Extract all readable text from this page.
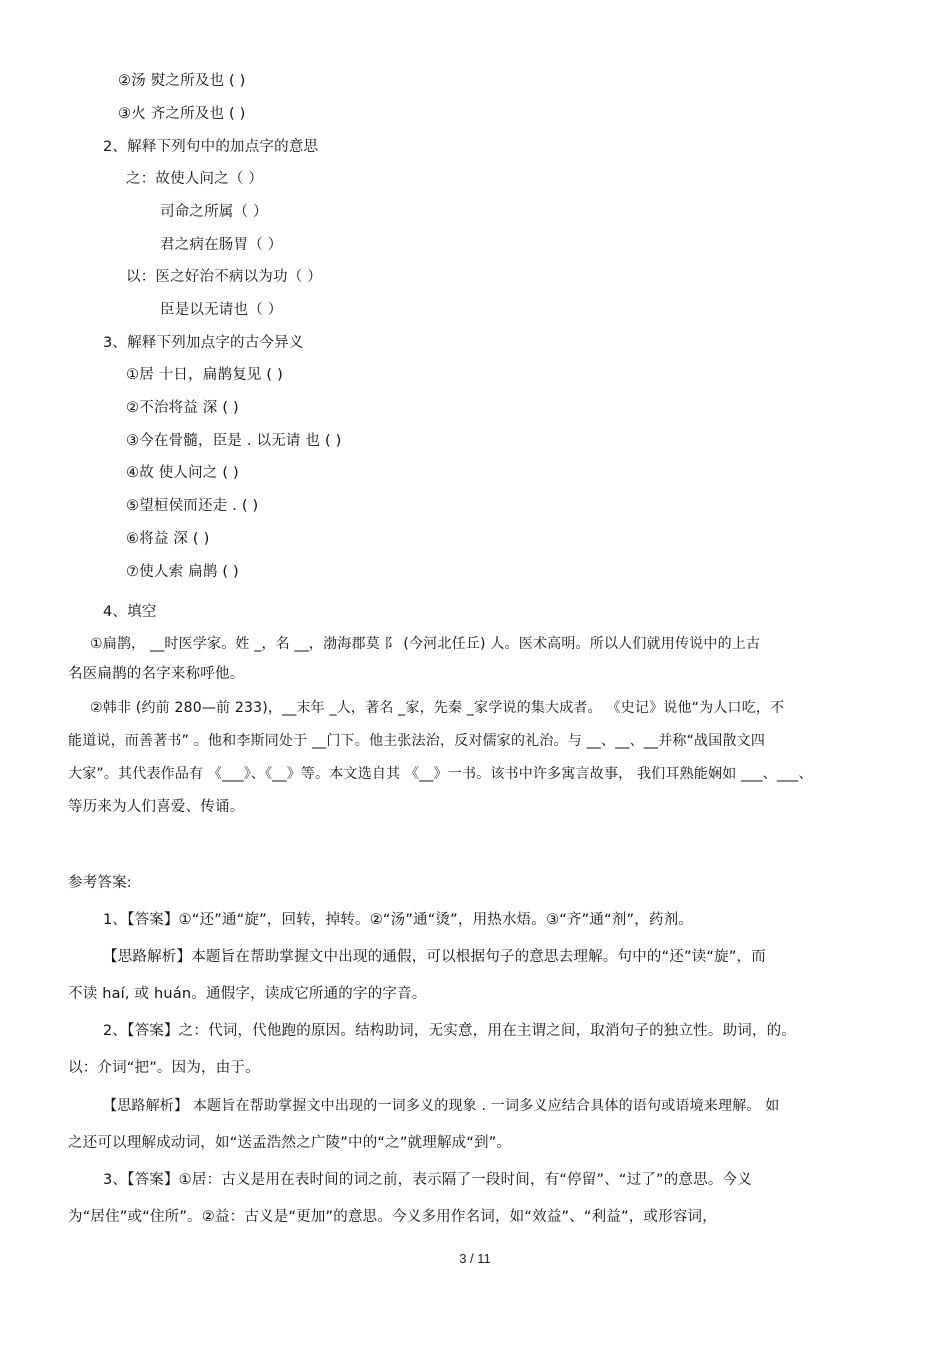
②汤 熨之所及也 ( )
③火 齐之所及也 ( )
2、解释下列句中的加点字的意思
之：故使人问之（ ）
司命之所属（ ）
君之病在肠胃（ ）
以：医之好治不病以为功（ ）
臣是以无请也（ ）
3、解释下列加点字的古今异义
①居 十日，扁鹊复见 ( )
②不治将益 深 ( )
③今在骨髓，臣是 . 以无请 也 ( )
④故 使人问之 ( )
⑤望桓侯而还走 . ( )
⑥将益 深 ( )
⑦使人索 扁鹊 ( )
4、填空
①扁鹊， __时医学家。姓 _，名 __，渤海郡莫 阝 (今河北任丘) 人。医术高明。所以人们就用传说中的上古
名医扁鹊的名字来称呼他。
②韩非 (约前 280—前 233)，__末年 _人，著名 _家，先秦 _家学说的集大成者。 《史记》说他“为人口吃，不
能道说，而善著书” 。他和李斯同处于 __门下。他主张法治，反对儒家的礼治。与 __、__、__并称“战国散文四
大家”。其代表作品有 《___》、《__》等。本文选自其 《__》一书。该书中许多寓言故事， 我们耳熟能娴如 ___、___、
等历来为人们喜爱、传诵。
参考答案:
1、【答案】①“还”通“旋”，回转，掉转。②“汤”通“烫”，用热水焐。③“齐”通“剂”，药剂。
【思路解析】本题旨在帮助掌握文中出现的通假，可以根据句子的意思去理解。句中的“还”读“旋”，而
不读 haí, 或 huán。通假字，读成它所通的字的字音。
2、【答案】之：代词，代他跑的原因。结构助词，无实意，用在主谓之间，取消句子的独立性。助词，的。
以：介词“把”。因为，由于。
【思路解析】 本题旨在帮助掌握文中出现的一词多义的现象 . 一词多义应结合具体的语句或语境来理解。 如
之还可以理解成动词，如“送孟浩然之广陵”中的“之”就理解成“到”。
3、【答案】①居：古义是用在表时间的词之前，表示隔了一段时间，有“停留”、“过了”的意思。今义
为“居住”或“住所”。②益：古义是“更加”的意思。今义多用作名词，如“效益”、“利益”，或形容词，
3 / 11
